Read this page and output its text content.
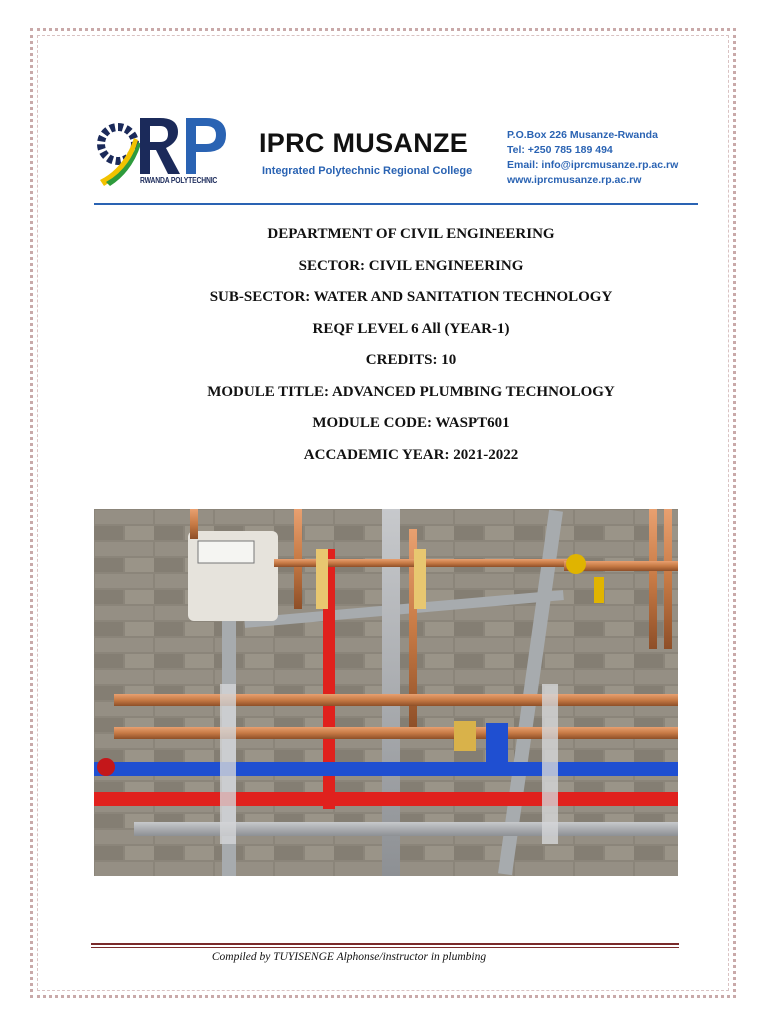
RWANDA POLYTECHNIC
IPRC MUSANZE
Integrated Polytechnic Regional College
P.O.Box 226 Musanze-Rwanda
Tel: +250 785 189 494
Email: info@iprcmusanze.rp.ac.rw
www.iprcmusanze.rp.ac.rw
DEPARTMENT OF CIVIL ENGINEERING
SECTOR: CIVIL ENGINEERING
SUB-SECTOR: WATER AND SANITATION TECHNOLOGY
REQF LEVEL 6 All (YEAR-1)
CREDITS: 10
MODULE TITLE: ADVANCED PLUMBING TECHNOLOGY
MODULE CODE: WASPT601
ACCADEMIC YEAR: 2021-2022
Compiled by TUYISENGE Alphonse/instructor in plumbing
